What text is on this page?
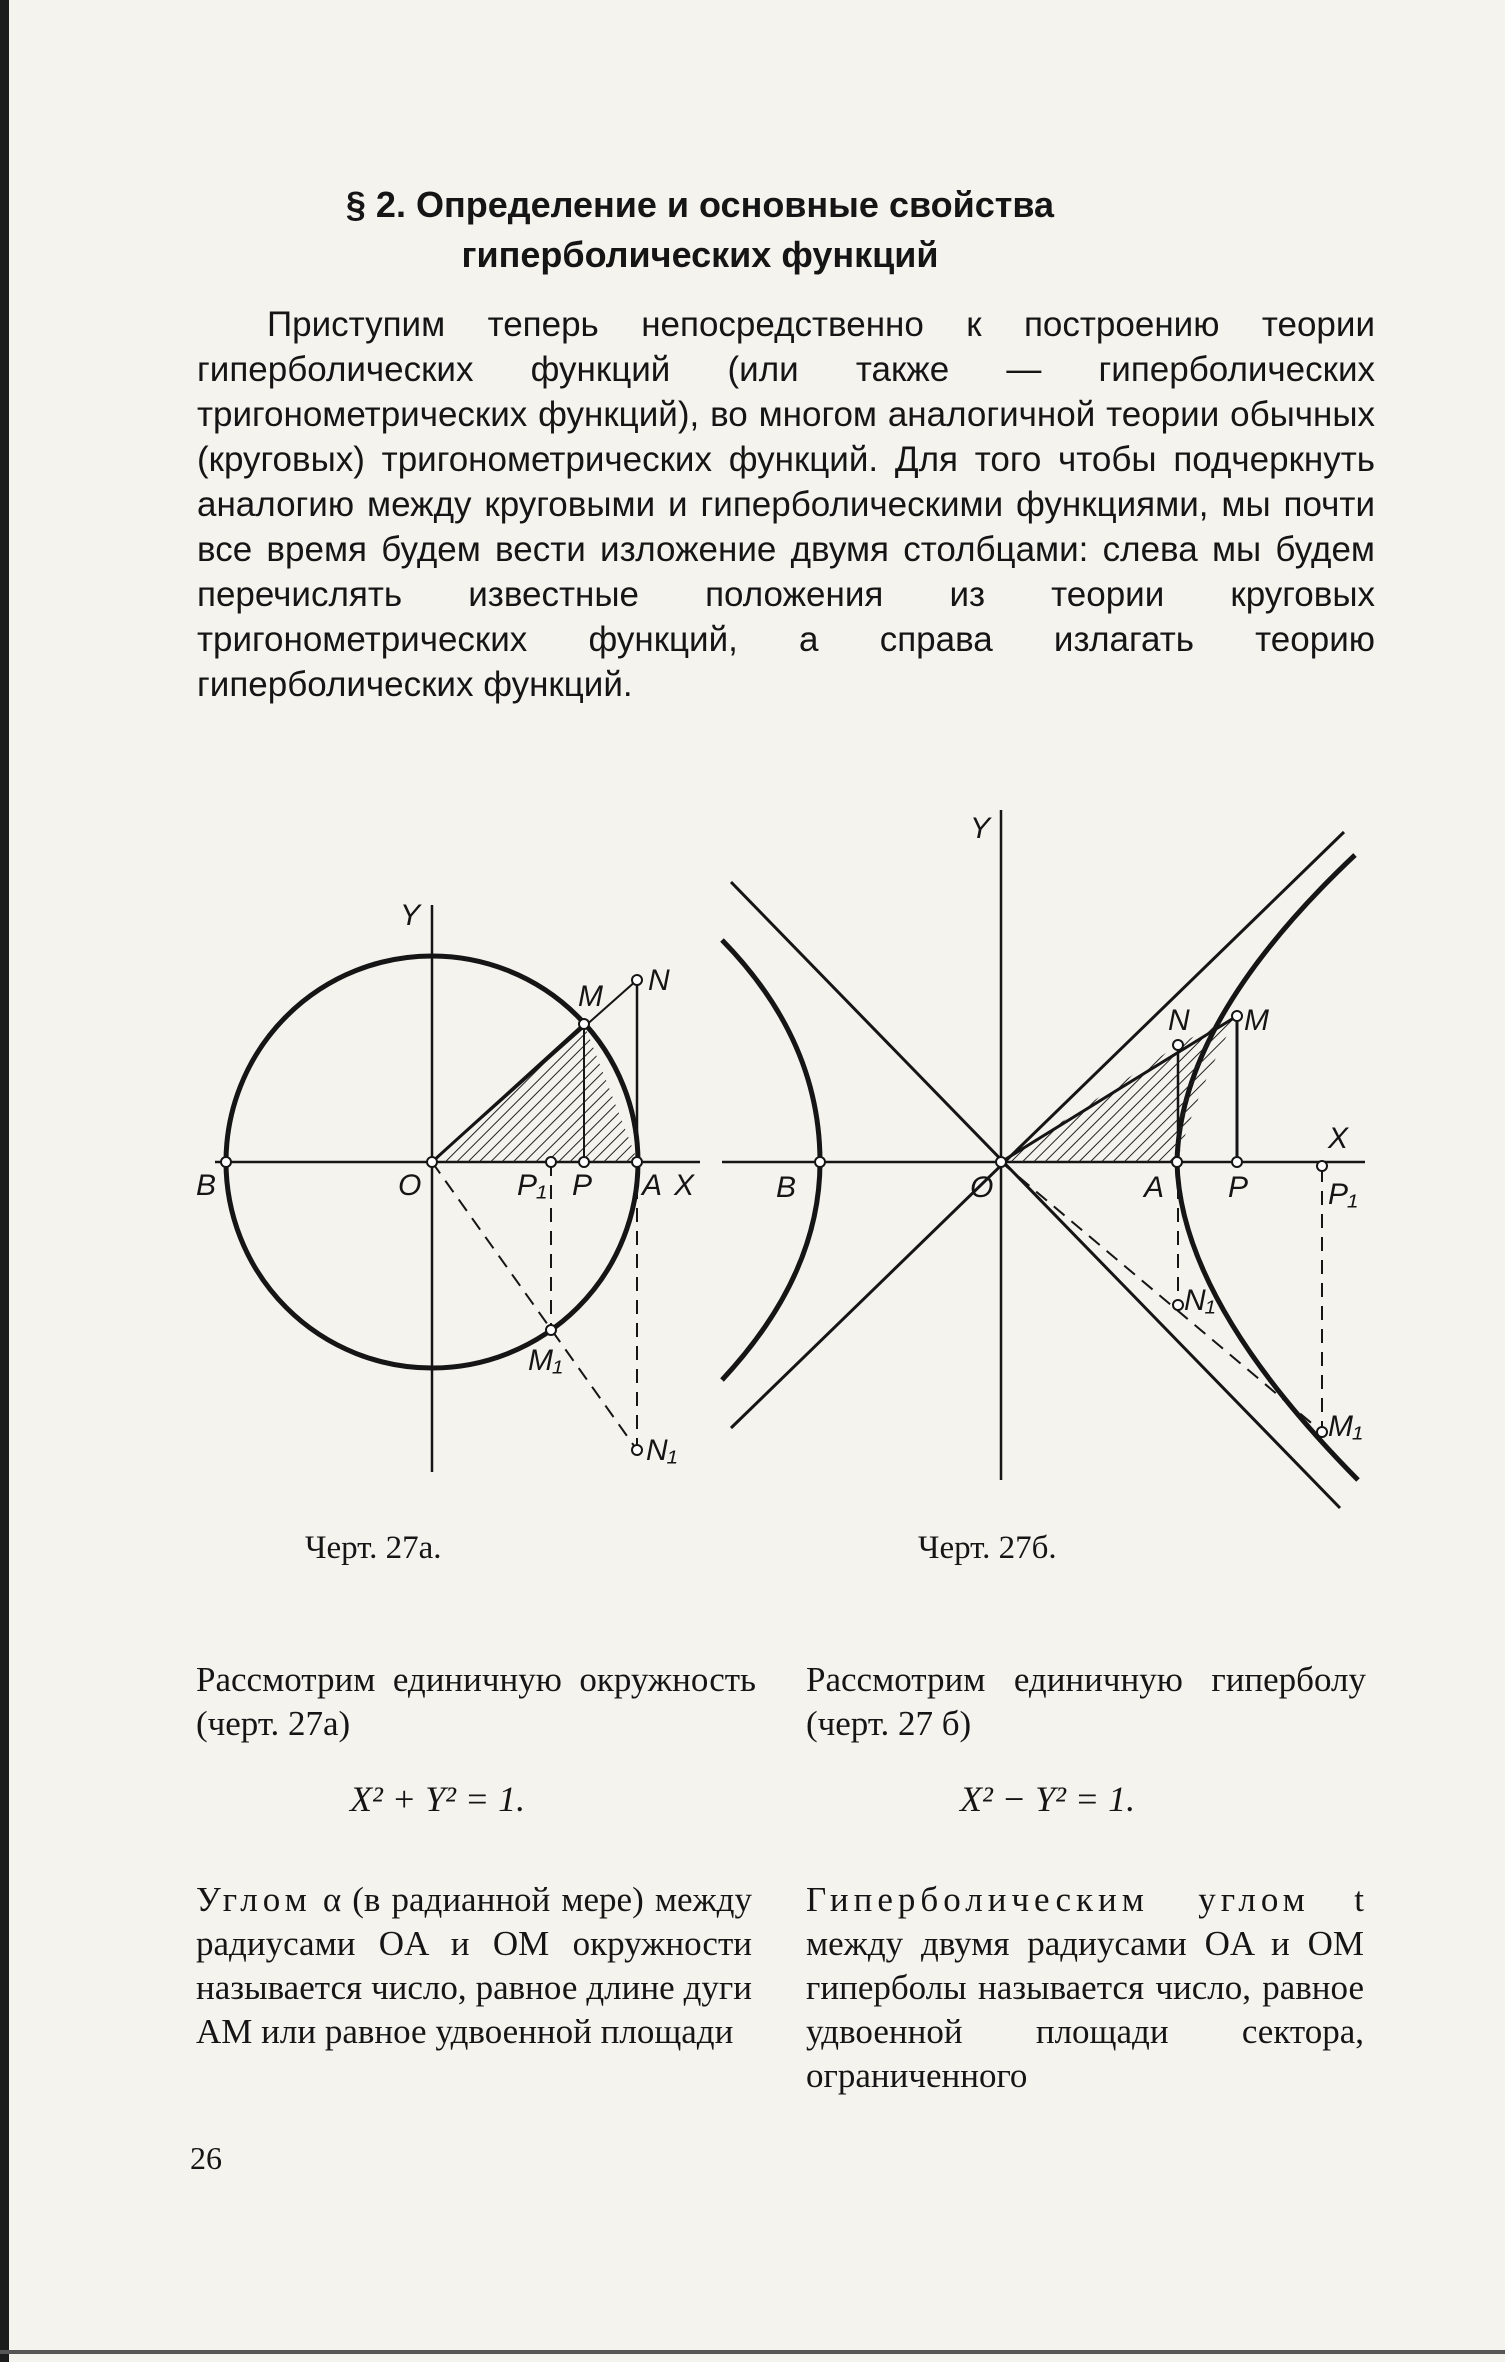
§ 2. Определение и основные свойства
гиперболических функций
Приступим теперь непосредственно к построению теории гиперболических функций (или также — гиперболических тригонометрических функций), во многом аналогичной теории обычных (круговых) тригонометрических функций. Для того чтобы подчеркнуть аналогию между круговыми и гиперболическими функциями, мы почти все время будем вести изложение двумя столбцами: слева мы будем перечислять известные положения из теории круговых тригонометрических функций, а справа излагать теорию гиперболических функций.
Y
X
B	O	P₁ P A
M N
M₁
N₁
Y
X
B	O	A P	P₁
N M
N₁
M₁
Черт. 27а.	Черт. 27б.
Рассмотрим единичную окружность (черт. 27а)
X² + Y² = 1.
Углом α (в радианной мере) между радиусами OA и OM окружности называется число, равное длине дуги AM или равное удвоенной площади
Рассмотрим единичную гиперболу (черт. 27 б)
X² − Y² = 1.
Гиперболическим углом t между двумя радиусами OA и OM гиперболы называется число, равное удвоенной площади сектора, ограниченного
26
